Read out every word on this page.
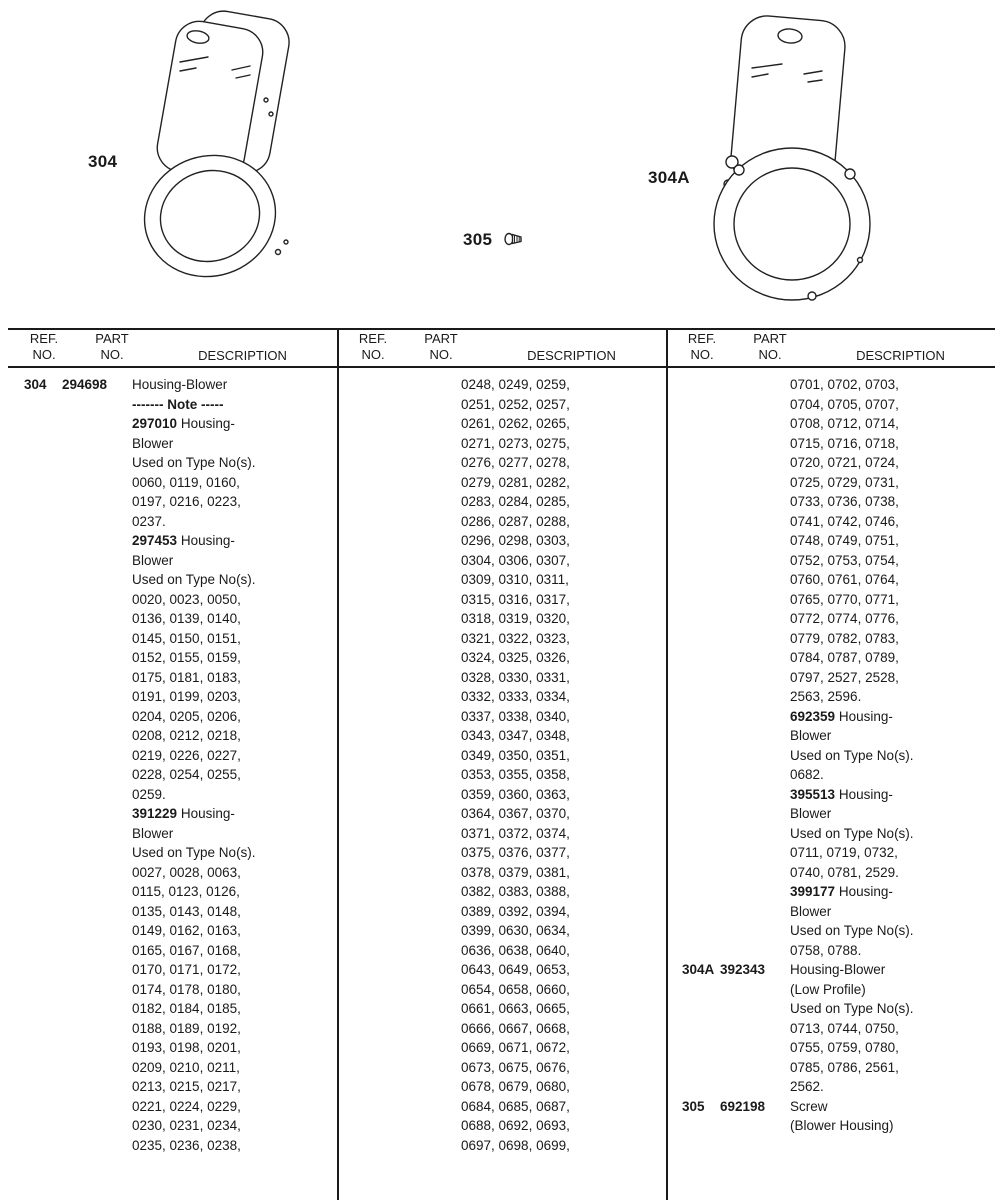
304
305
304A
REF.
NO.
PART
NO.	DESCRIPTION
REF.
NO.
PART
NO.	DESCRIPTION
REF.
NO.
PART
NO.	DESCRIPTION
304	294698	Housing-Blower
------- Note -----
297010 Housing-
Blower
Used on Type No(s).
0060, 0119, 0160,
0197, 0216, 0223,
0237.
297453 Housing-
Blower
Used on Type No(s).
0020, 0023, 0050,
0136, 0139, 0140,
0145, 0150, 0151,
0152, 0155, 0159,
0175, 0181, 0183,
0191, 0199, 0203,
0204, 0205, 0206,
0208, 0212, 0218,
0219, 0226, 0227,
0228, 0254, 0255,
0259.
391229 Housing-
Blower
Used on Type No(s).
0027, 0028, 0063,
0115, 0123, 0126,
0135, 0143, 0148,
0149, 0162, 0163,
0165, 0167, 0168,
0170, 0171, 0172,
0174, 0178, 0180,
0182, 0184, 0185,
0188, 0189, 0192,
0193, 0198, 0201,
0209, 0210, 0211,
0213, 0215, 0217,
0221, 0224, 0229,
0230, 0231, 0234,
0235, 0236, 0238,
0248, 0249, 0259,
0251, 0252, 0257,
0261, 0262, 0265,
0271, 0273, 0275,
0276, 0277, 0278,
0279, 0281, 0282,
0283, 0284, 0285,
0286, 0287, 0288,
0296, 0298, 0303,
0304, 0306, 0307,
0309, 0310, 0311,
0315, 0316, 0317,
0318, 0319, 0320,
0321, 0322, 0323,
0324, 0325, 0326,
0328, 0330, 0331,
0332, 0333, 0334,
0337, 0338, 0340,
0343, 0347, 0348,
0349, 0350, 0351,
0353, 0355, 0358,
0359, 0360, 0363,
0364, 0367, 0370,
0371, 0372, 0374,
0375, 0376, 0377,
0378, 0379, 0381,
0382, 0383, 0388,
0389, 0392, 0394,
0399, 0630, 0634,
0636, 0638, 0640,
0643, 0649, 0653,
0654, 0658, 0660,
0661, 0663, 0665,
0666, 0667, 0668,
0669, 0671, 0672,
0673, 0675, 0676,
0678, 0679, 0680,
0684, 0685, 0687,
0688, 0692, 0693,
0697, 0698, 0699,
0701, 0702, 0703,
0704, 0705, 0707,
0708, 0712, 0714,
0715, 0716, 0718,
0720, 0721, 0724,
0725, 0729, 0731,
0733, 0736, 0738,
0741, 0742, 0746,
0748, 0749, 0751,
0752, 0753, 0754,
0760, 0761, 0764,
0765, 0770, 0771,
0772, 0774, 0776,
0779, 0782, 0783,
0784, 0787, 0789,
0797, 2527, 2528,
2563, 2596.
692359 Housing-
Blower
Used on Type No(s).
0682.
395513 Housing-
Blower
Used on Type No(s).
0711, 0719, 0732,
0740, 0781, 2529.
399177 Housing-
Blower
Used on Type No(s).
0758, 0788.
304A 392343	Housing-Blower
(Low Profile)
Used on Type No(s).
0713, 0744, 0750,
0755, 0759, 0780,
0785, 0786, 2561,
2562.
305	692198	Screw
(Blower Housing)
